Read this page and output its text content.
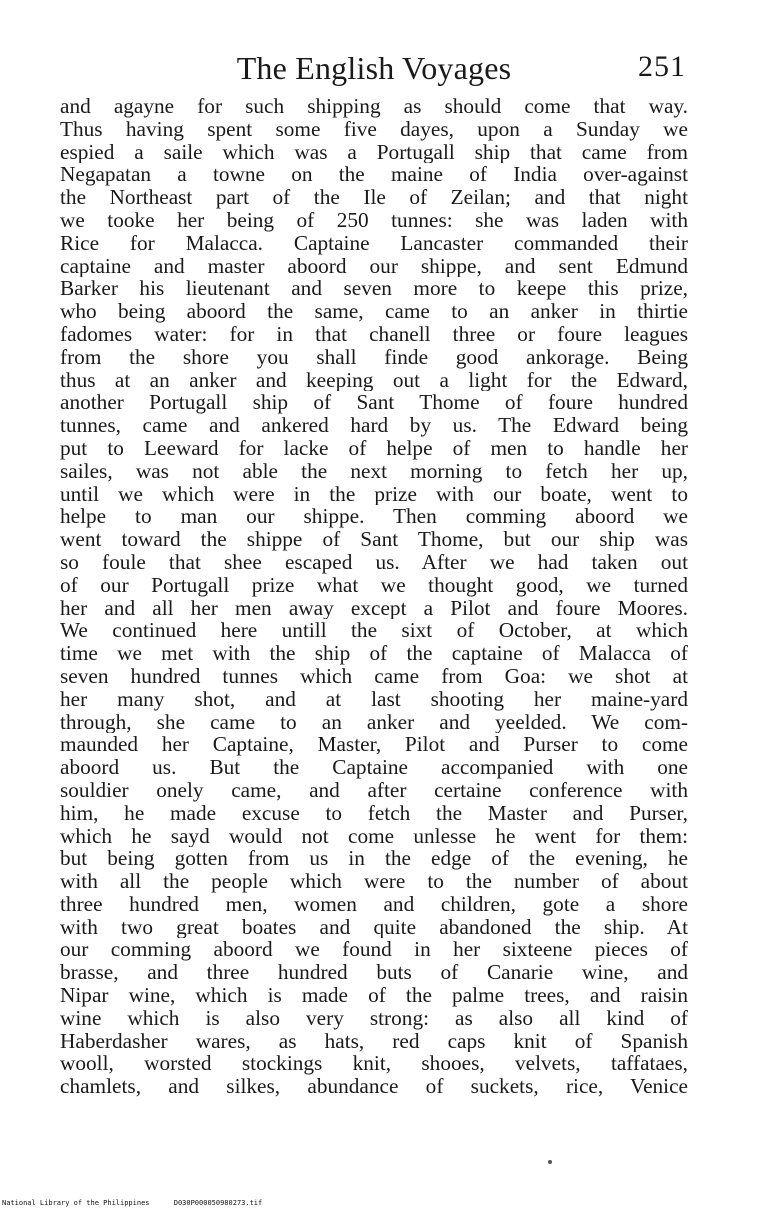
The English Voyages	251
and agayne for such shipping as should come that way.
Thus having spent some five dayes, upon a Sunday we
espied a saile which was a Portugall ship that came from
Negapatan a towne on the maine of India over-against
the Northeast part of the Ile of Zeilan; and that night
we tooke her being of 250 tunnes: she was laden with
Rice for Malacca. Captaine Lancaster commanded their
captaine and master aboord our shippe, and sent Edmund
Barker his lieutenant and seven more to keepe this prize,
who being aboord the same, came to an anker in thirtie
fadomes water: for in that chanell three or foure leagues
from the shore you shall finde good ankorage. Being
thus at an anker and keeping out a light for the Edward,
another Portugall ship of Sant Thome of foure hundred
tunnes, came and ankered hard by us. The Edward being
put to Leeward for lacke of helpe of men to handle her
sailes, was not able the next morning to fetch her up,
until we which were in the prize with our boate, went to
helpe to man our shippe. Then comming aboord we
went toward the shippe of Sant Thome, but our ship was
so foule that shee escaped us. After we had taken out
of our Portugall prize what we thought good, we turned
her and all her men away except a Pilot and foure Moores.
We continued here untill the sixt of October, at which
time we met with the ship of the captaine of Malacca of
seven hundred tunnes which came from Goa: we shot at
her many shot, and at last shooting her maine-yard
through, she came to an anker and yeelded. We com-
maunded her Captaine, Master, Pilot and Purser to come
aboord us. But the Captaine accompanied with one
souldier onely came, and after certaine conference with
him, he made excuse to fetch the Master and Purser,
which he sayd would not come unlesse he went for them:
but being gotten from us in the edge of the evening, he
with all the people which were to the number of about
three hundred men, women and children, gote a shore
with two great boates and quite abandoned the ship. At
our comming aboord we found in her sixteene pieces of
brasse, and three hundred buts of Canarie wine, and
Nipar wine, which is made of the palme trees, and raisin
wine which is also very strong: as also all kind of
Haberdasher wares, as hats, red caps knit of Spanish
wooll, worsted stockings knit, shooes, velvets, taffataes,
chamlets, and silkes, abundance of suckets, rice, Venice
National Library of the Philippines	D030P000050980273.tif
